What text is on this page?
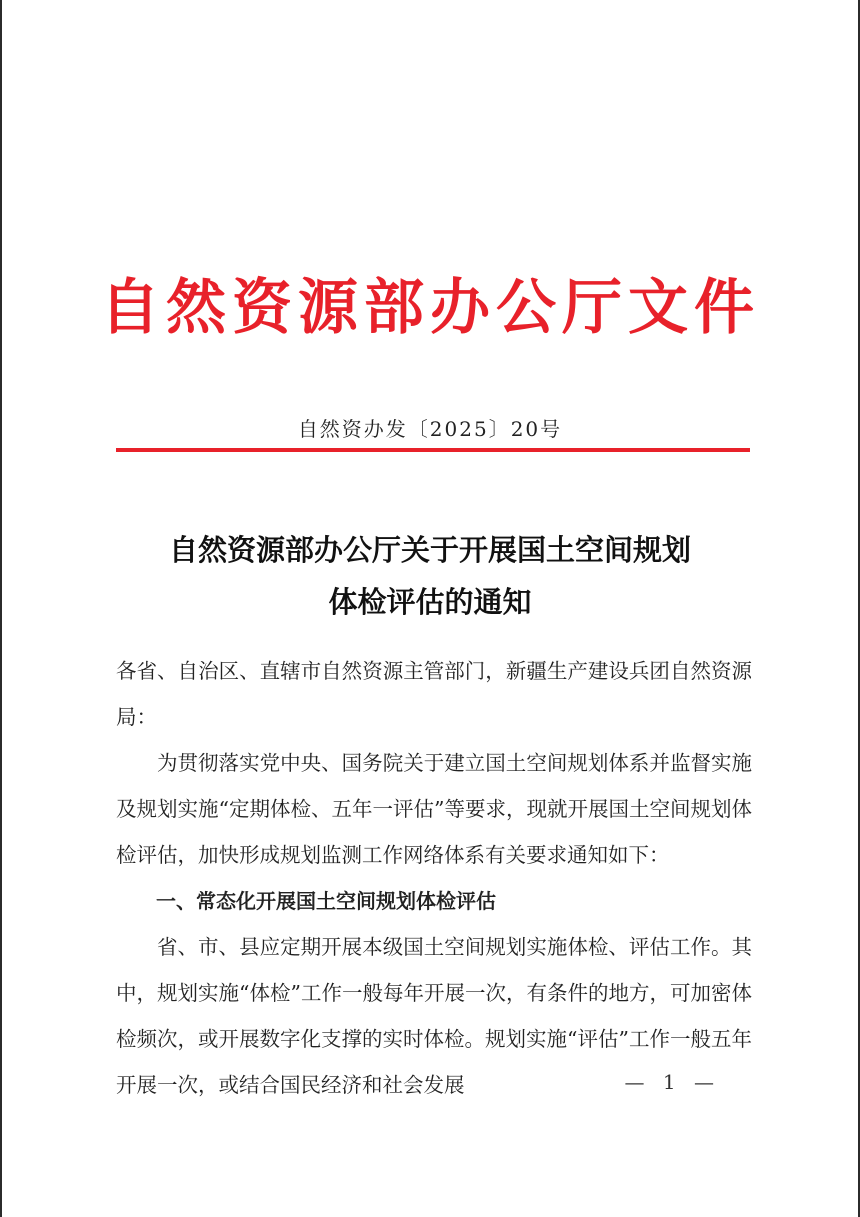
自然资源部办公厅文件
自然资办发〔2025〕20号
自然资源部办公厅关于开展国土空间规划
体检评估的通知

各省、自治区、直辖市自然资源主管部门，新疆生产建设兵团自然资源局：

为贯彻落实党中央、国务院关于建立国土空间规划体系并监督实施及规划实施“定期体检、五年一评估”等要求，现就开展国土空间规划体检评估，加快形成规划监测工作网络体系有关要求通知如下：

一、常态化开展国土空间规划体检评估

省、市、县应定期开展本级国土空间规划实施体检、评估工作。其中，规划实施“体检”工作一般每年开展一次，有条件的地方，可加密体检频次，或开展数字化支撑的实时体检。规划实施“评估”工作一般五年开展一次，或结合国民经济和社会发展	— 1 —
